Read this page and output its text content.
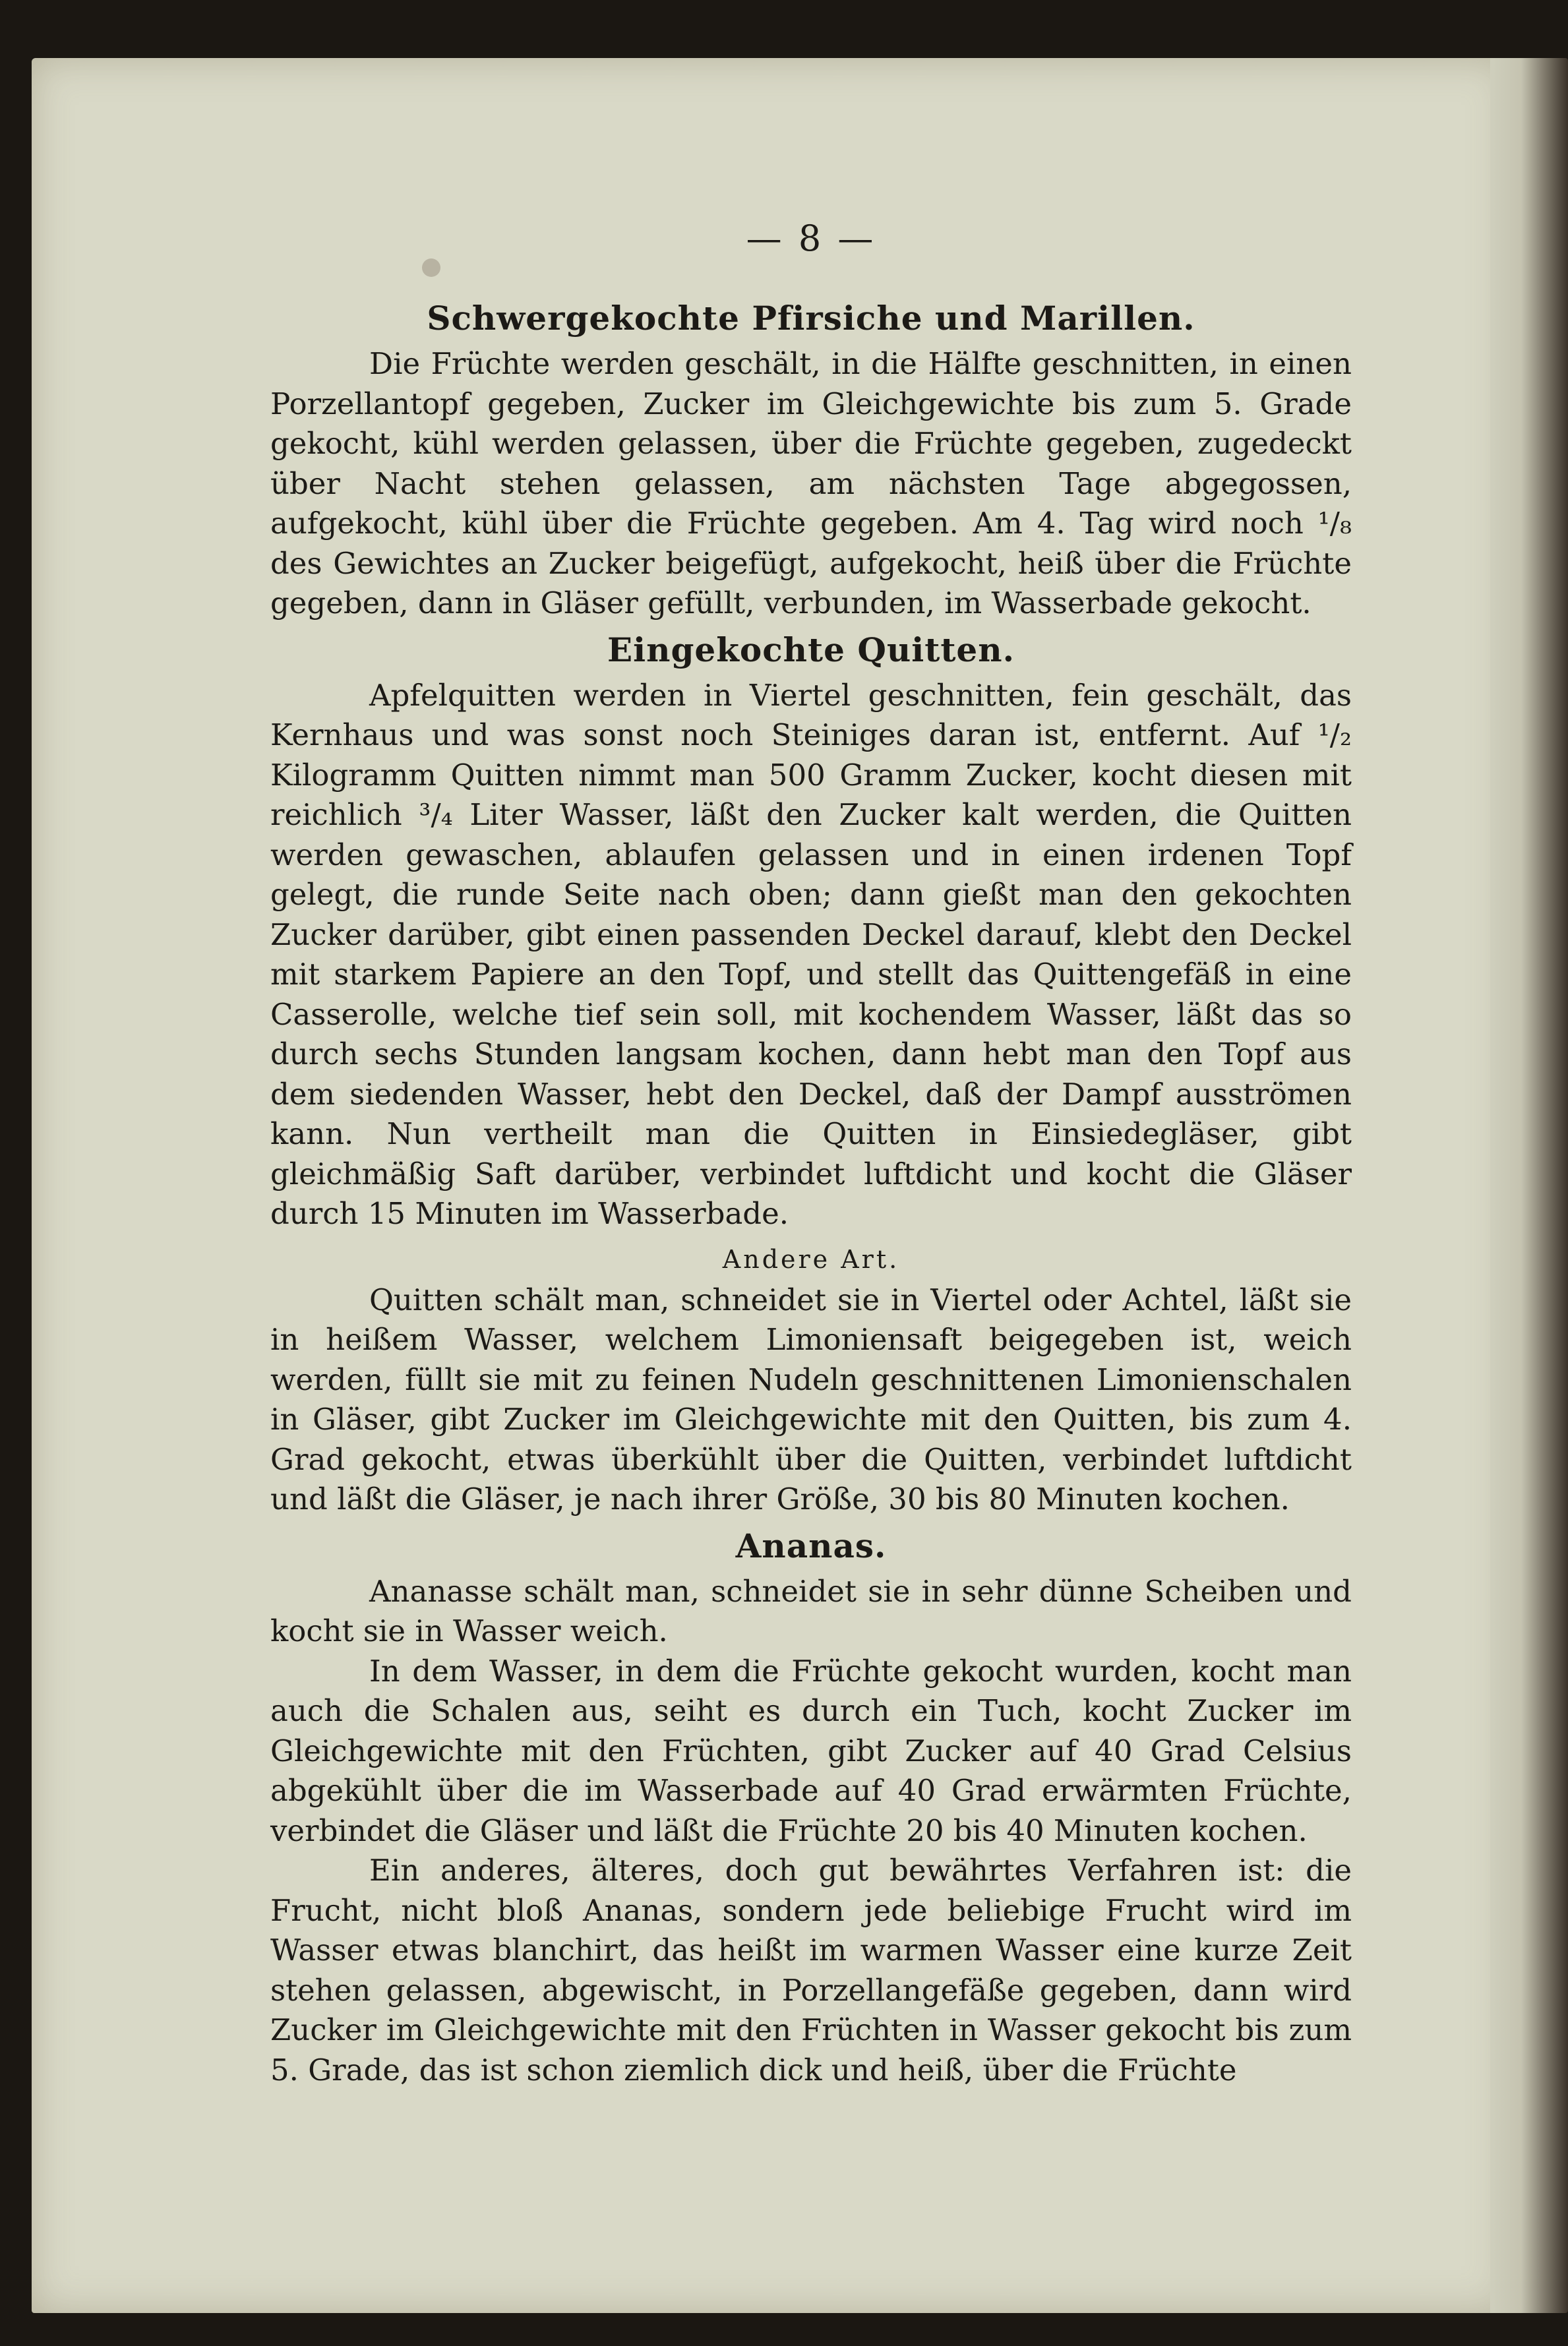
— 8 —
Schwergekochte Pfirsiche und Marillen.

Die Früchte werden geschält, in die Hälfte geschnitten, in einen Porzellantopf gegeben, Zucker im Gleichgewichte bis zum 5. Grade gekocht, kühl werden gelassen, über die Früchte gegeben, zugedeckt über Nacht stehen gelassen, am nächsten Tage abgegossen, aufgekocht, kühl über die Früchte gegeben. Am 4. Tag wird noch ¹/₈ des Gewichtes an Zucker beigefügt, aufgekocht, heiß über die Früchte gegeben, dann in Gläser gefüllt, verbunden, im Wasserbade gekocht.

Eingekochte Quitten.

Apfelquitten werden in Viertel geschnitten, fein geschält, das Kernhaus und was sonst noch Steiniges daran ist, entfernt. Auf ¹/₂ Kilogramm Quitten nimmt man 500 Gramm Zucker, kocht diesen mit reichlich ³/₄ Liter Wasser, läßt den Zucker kalt werden, die Quitten werden gewaschen, ablaufen gelassen und in einen irdenen Topf gelegt, die runde Seite nach oben; dann gießt man den gekochten Zucker darüber, gibt einen passenden Deckel darauf, klebt den Deckel mit starkem Papiere an den Topf, und stellt das Quittengefäß in eine Casserolle, welche tief sein soll, mit kochendem Wasser, läßt das so durch sechs Stunden langsam kochen, dann hebt man den Topf aus dem siedenden Wasser, hebt den Deckel, daß der Dampf ausströmen kann. Nun vertheilt man die Quitten in Einsiedegläser, gibt gleichmäßig Saft darüber, verbindet luftdicht und kocht die Gläser durch 15 Minuten im Wasserbade.

Andere Art.

Quitten schält man, schneidet sie in Viertel oder Achtel, läßt sie in heißem Wasser, welchem Limoniensaft beigegeben ist, weich werden, füllt sie mit zu feinen Nudeln geschnittenen Limonienschalen in Gläser, gibt Zucker im Gleichgewichte mit den Quitten, bis zum 4. Grad gekocht, etwas überkühlt über die Quitten, verbindet luftdicht und läßt die Gläser, je nach ihrer Größe, 30 bis 80 Minuten kochen.

Ananas.

Ananasse schält man, schneidet sie in sehr dünne Scheiben und kocht sie in Wasser weich.

In dem Wasser, in dem die Früchte gekocht wurden, kocht man auch die Schalen aus, seiht es durch ein Tuch, kocht Zucker im Gleichgewichte mit den Früchten, gibt Zucker auf 40 Grad Celsius abgekühlt über die im Wasserbade auf 40 Grad erwärmten Früchte, verbindet die Gläser und läßt die Früchte 20 bis 40 Minuten kochen.

Ein anderes, älteres, doch gut bewährtes Verfahren ist: die Frucht, nicht bloß Ananas, sondern jede beliebige Frucht wird im Wasser etwas blanchirt, das heißt im warmen Wasser eine kurze Zeit stehen gelassen, abgewischt, in Porzellangefäße gegeben, dann wird Zucker im Gleichgewichte mit den Früchten in Wasser gekocht bis zum 5. Grade, das ist schon ziemlich dick und heiß, über die Früchte
